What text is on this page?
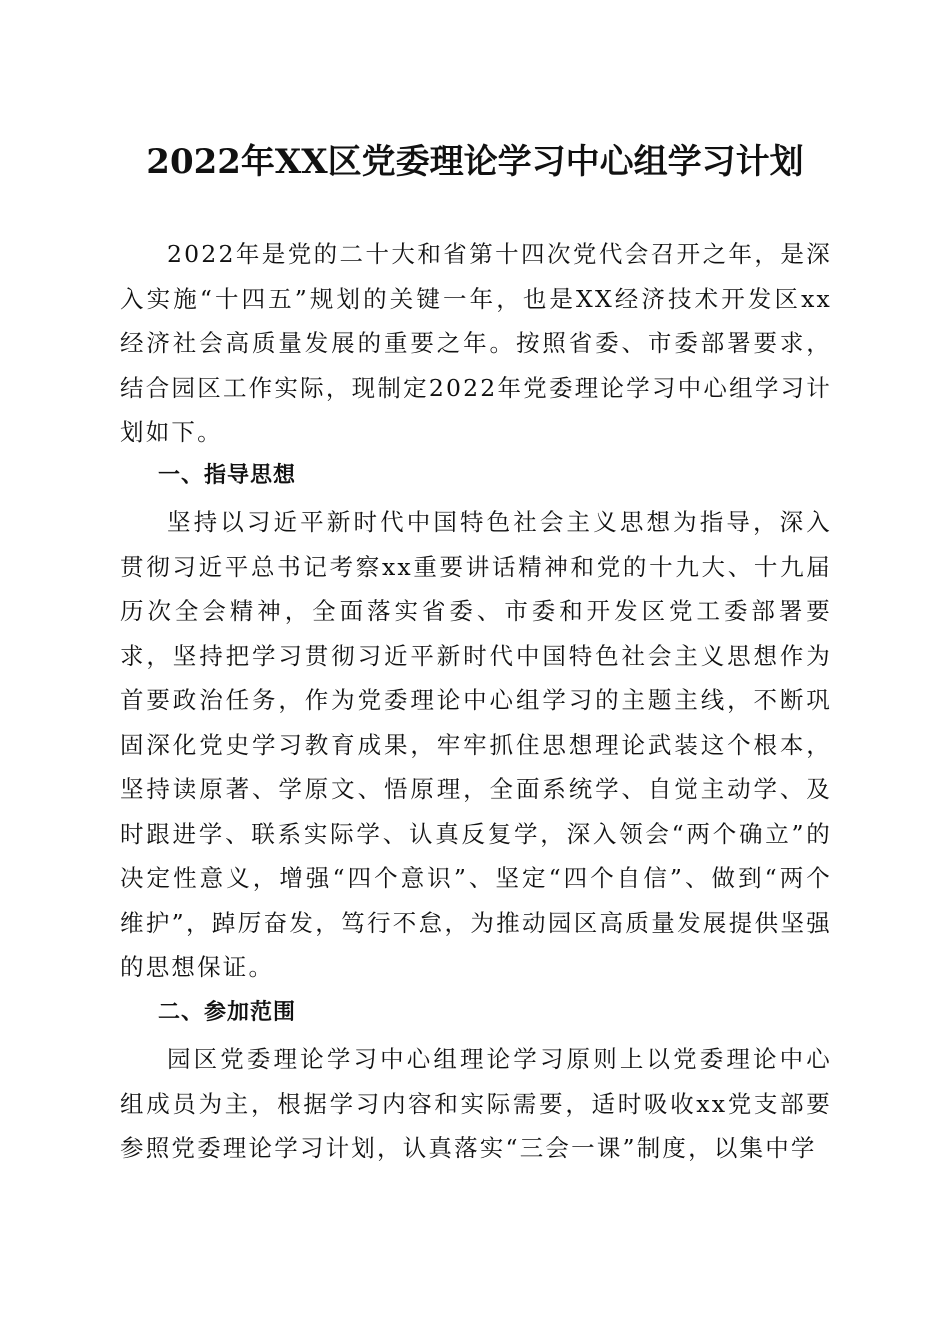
2022年XX区党委理论学习中心组学习计划

2022年是党的二十大和省第十四次党代会召开之年，是深入实施“十四五”规划的关键一年，也是XX经济技术开发区xx经济社会高质量发展的重要之年。按照省委、市委部署要求，结合园区工作实际，现制定2022年党委理论学习中心组学习计划如下。

一、指导思想

坚持以习近平新时代中国特色社会主义思想为指导，深入贯彻习近平总书记考察xx重要讲话精神和党的十九大、十九届历次全会精神，全面落实省委、市委和开发区党工委部署要求，坚持把学习贯彻习近平新时代中国特色社会主义思想作为首要政治任务，作为党委理论中心组学习的主题主线，不断巩固深化党史学习教育成果，牢牢抓住思想理论武装这个根本，坚持读原著、学原文、悟原理，全面系统学、自觉主动学、及时跟进学、联系实际学、认真反复学，深入领会“两个确立”的决定性意义，增强“四个意识”、坚定“四个自信”、做到“两个维护”，踔厉奋发，笃行不怠，为推动园区高质量发展提供坚强的思想保证。

二、参加范围

园区党委理论学习中心组理论学习原则上以党委理论中心组成员为主，根据学习内容和实际需要，适时吸收xx党支部要参照党委理论学习计划，认真落实“三会一课”制度，以集中学
